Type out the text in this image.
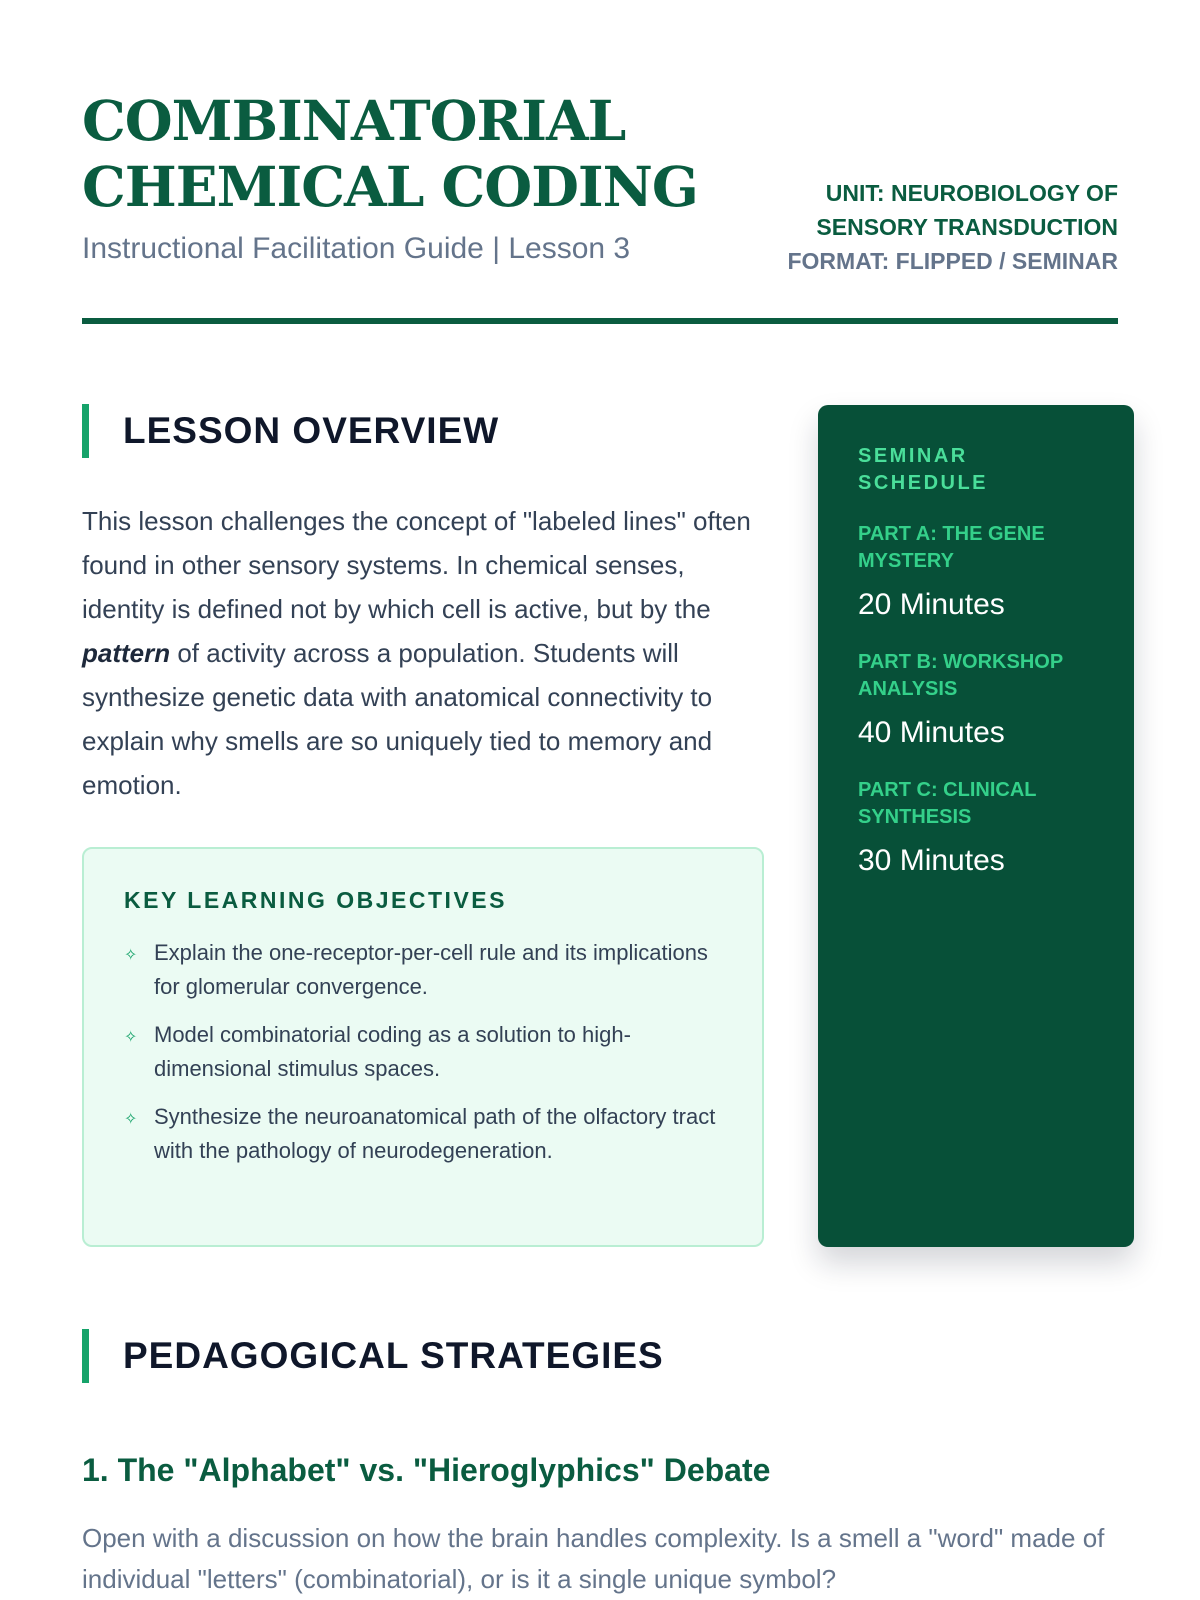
COMBINATORIAL
CHEMICAL CODING
Instructional Facilitation Guide | Lesson 3
UNIT: NEUROBIOLOGY OF
SENSORY TRANSDUCTION
FORMAT: FLIPPED / SEMINAR
LESSON OVERVIEW

This lesson challenges the concept of "labeled lines" often found in other sensory systems. In chemical senses, identity is defined not by which cell is active, but by the pattern of activity across a population. Students will synthesize genetic data with anatomical connectivity to explain why smells are so uniquely tied to memory and emotion.

KEY LEARNING OBJECTIVES
✧ Explain the one-receptor-per-cell rule and its implications for glomerular convergence.
✧ Model combinatorial coding as a solution to high-dimensional stimulus spaces.
✧ Synthesize the neuroanatomical path of the olfactory tract with the pathology of neurodegeneration.
SEMINAR SCHEDULE
PART A: THE GENE MYSTERY
20 Minutes
PART B: WORKSHOP ANALYSIS
40 Minutes
PART C: CLINICAL SYNTHESIS
30 Minutes
PEDAGOGICAL STRATEGIES
1. The "Alphabet" vs. "Hieroglyphics" Debate

Open with a discussion on how the brain handles complexity. Is a smell a "word" made of individual "letters" (combinatorial), or is it a single unique symbol?
